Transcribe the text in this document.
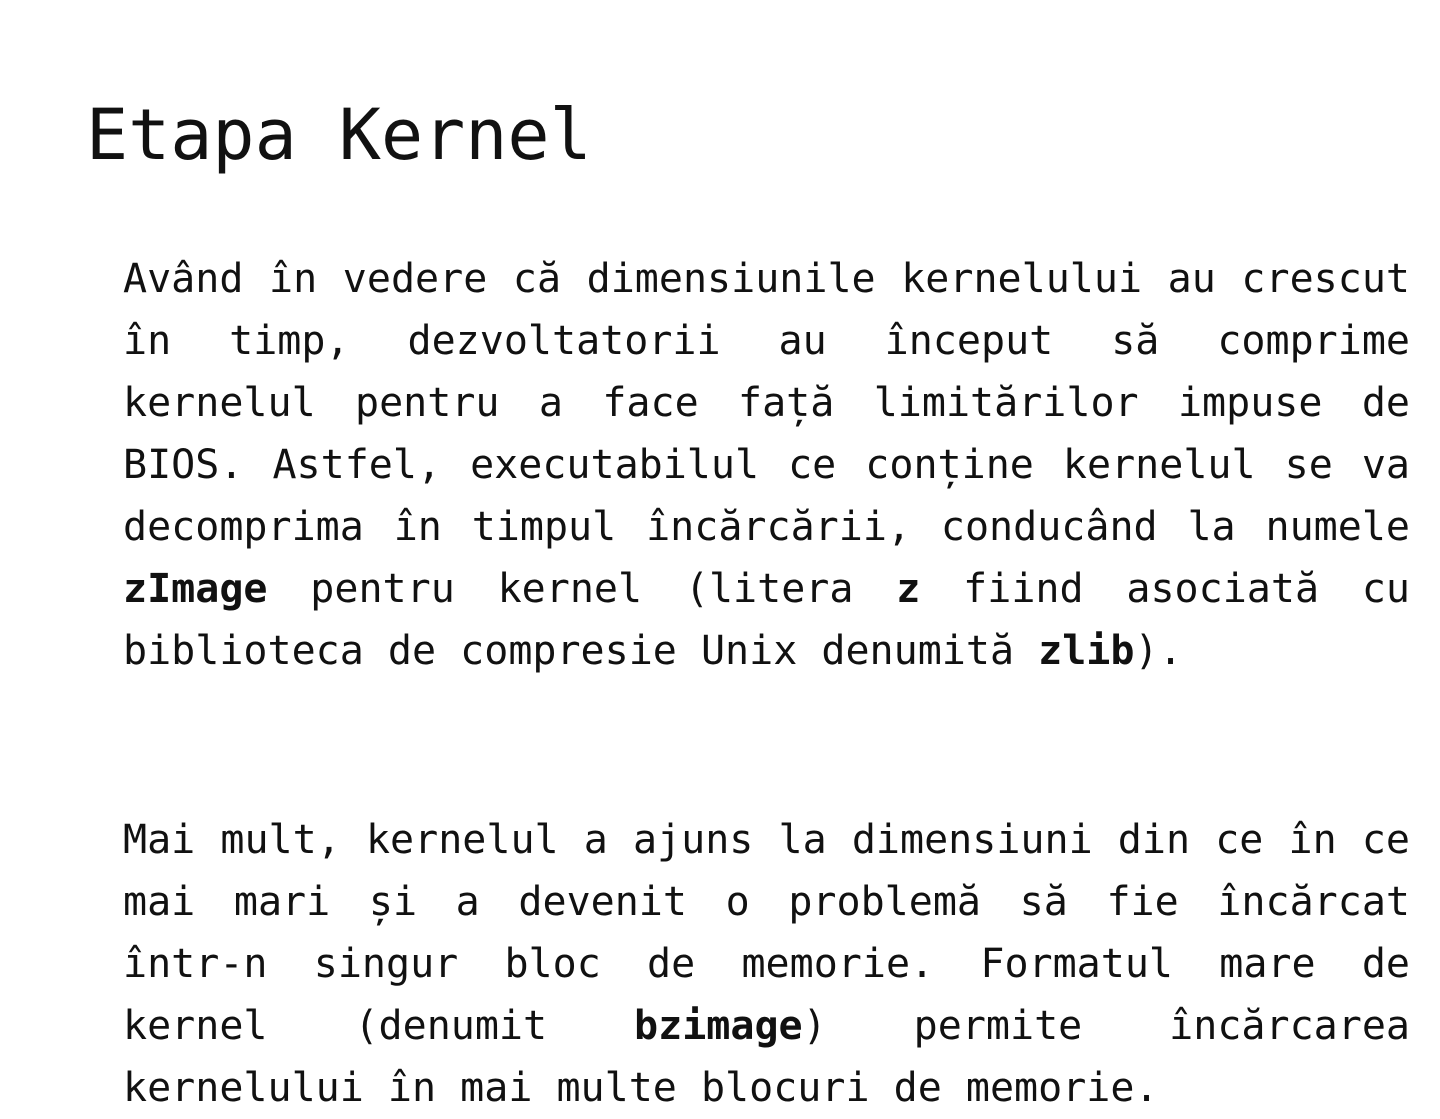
Etapa Kernel

Având în vedere că dimensiunile kernelului au crescut în timp, dezvoltatorii au început să comprime kernelul pentru a face față limitărilor impuse de BIOS. Astfel, executabilul ce conține kernelul se va decomprima în timpul încărcării, conducând la numele zImage pentru kernel (litera z fiind asociată cu biblioteca de compresie Unix denumită zlib).

Mai mult, kernelul a ajuns la dimensiuni din ce în ce mai mari și a devenit o problemă să fie încărcat într-n singur bloc de memorie. Formatul mare de kernel (denumit bzimage) permite încărcarea kernelului în mai multe blocuri de memorie.
